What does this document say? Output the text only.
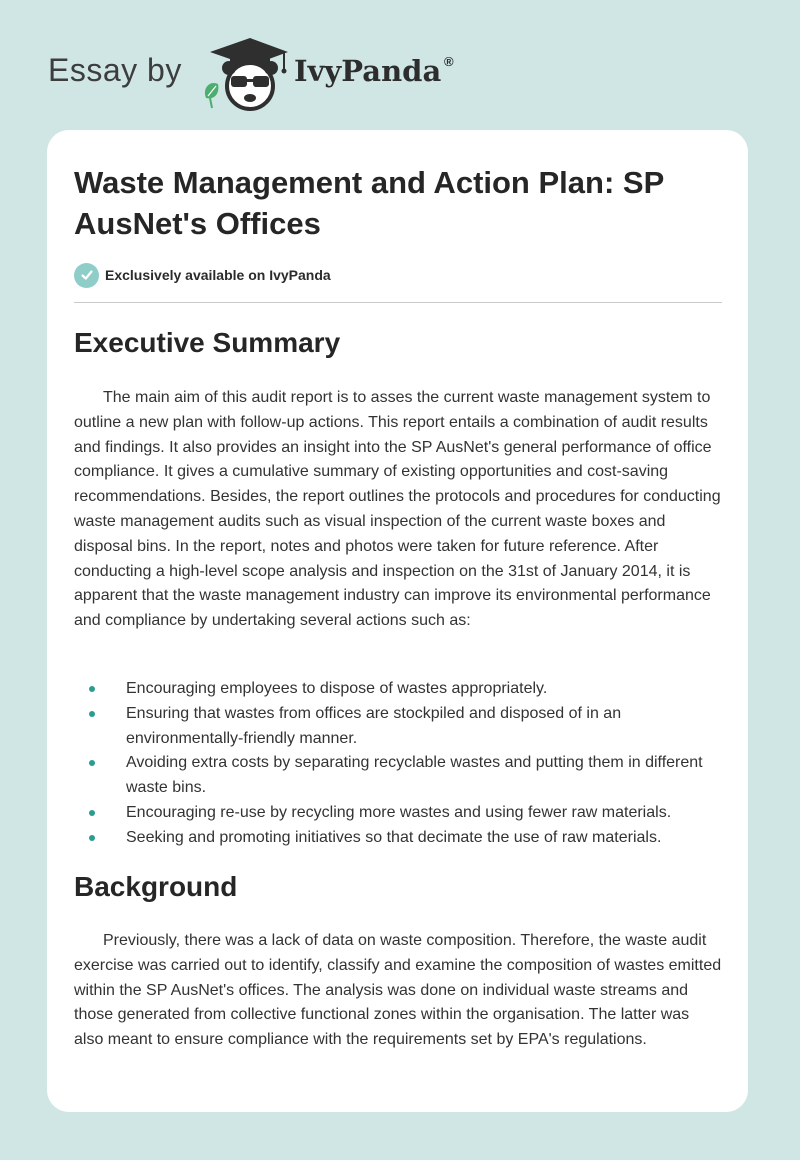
Essay by	IvyPanda ®
Waste Management and Action Plan: SP AusNet's Offices
Exclusively available on IvyPanda
Executive Summary

The main aim of this audit report is to asses the current waste management system to outline a new plan with follow-up actions. This report entails a combination of audit results and findings. It also provides an insight into the SP AusNet's general performance of office compliance. It gives a cumulative summary of existing opportunities and cost-saving recommendations. Besides, the report outlines the protocols and procedures for conducting waste management audits such as visual inspection of the current waste boxes and disposal bins. In the report, notes and photos were taken for future reference. After conducting a high-level scope analysis and inspection on the 31st of January 2014, it is apparent that the waste management industry can improve its environmental performance and compliance by undertaking several actions such as:

Encouraging employees to dispose of wastes appropriately.
Ensuring that wastes from offices are stockpiled and disposed of in an environmentally-friendly manner.
Avoiding extra costs by separating recyclable wastes and putting them in different waste bins.
Encouraging re-use by recycling more wastes and using fewer raw materials.
Seeking and promoting initiatives so that decimate the use of raw materials.
Background

Previously, there was a lack of data on waste composition. Therefore, the waste audit exercise was carried out to identify, classify and examine the composition of wastes emitted within the SP AusNet's offices. The analysis was done on individual waste streams and those generated from collective functional zones within the organisation. The latter was also meant to ensure compliance with the requirements set by EPA's regulations.
